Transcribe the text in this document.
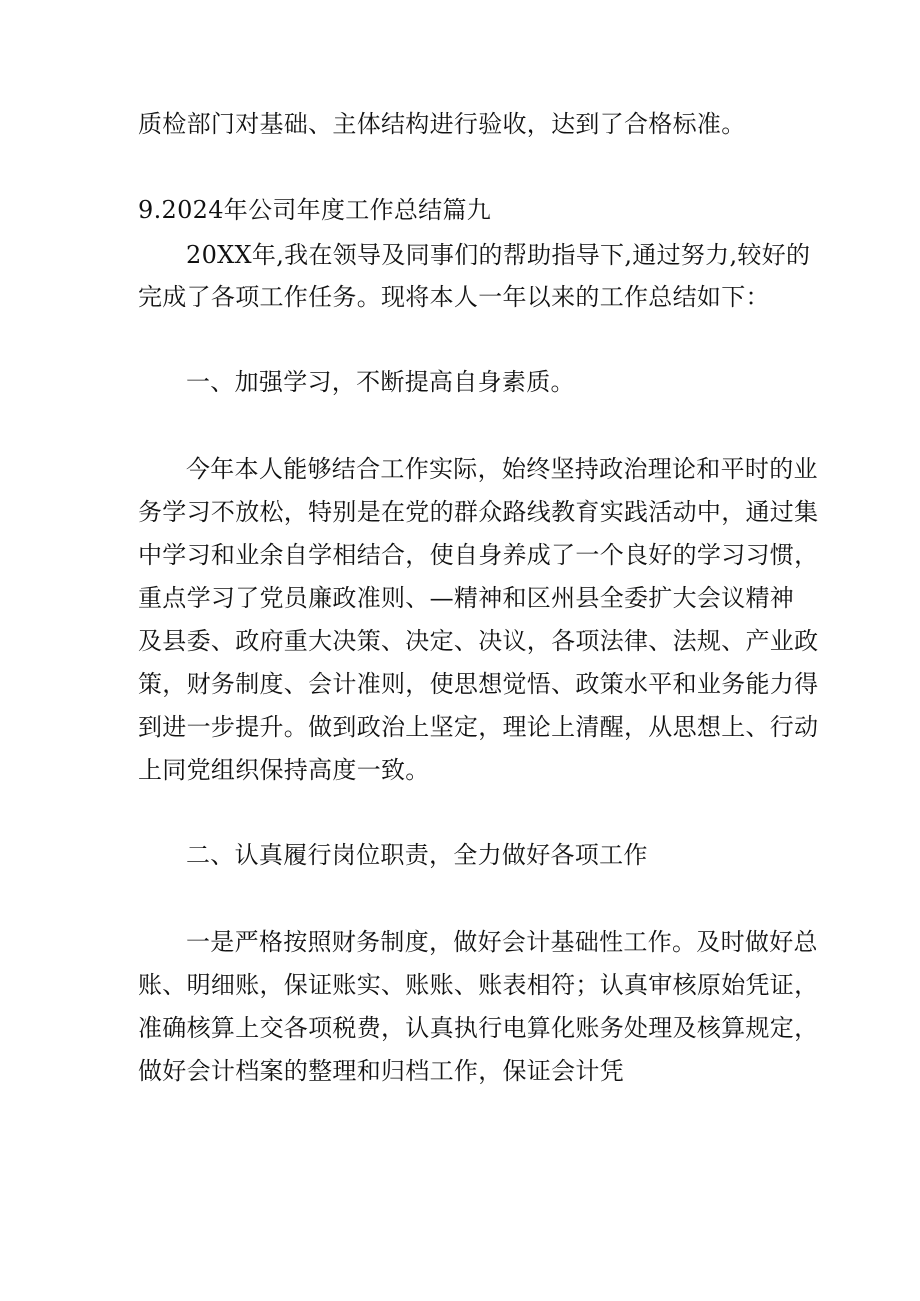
质检部门对基础、主体结构进行验收，达到了合格标准。
9.2024年公司年度工作总结篇九
20XX年,我在领导及同事们的帮助指导下,通过努力,较好的
完成了各项工作任务。现将本人一年以来的工作总结如下：
一、加强学习，不断提高自身素质。
今年本人能够结合工作实际，始终坚持政治理论和平时的业
务学习不放松，特别是在党的群众路线教育实践活动中，通过集
中学习和业余自学相结合，使自身养成了一个良好的学习习惯，
重点学习了党员廉政准则、—精神和区州县全委扩大会议精神
及县委、政府重大决策、决定、决议，各项法律、法规、产业政
策，财务制度、会计准则，使思想觉悟、政策水平和业务能力得
到进一步提升。做到政治上坚定，理论上清醒，从思想上、行动
上同党组织保持高度一致。
二、认真履行岗位职责，全力做好各项工作
一是严格按照财务制度，做好会计基础性工作。及时做好总
账、明细账，保证账实、账账、账表相符；认真审核原始凭证，
准确核算上交各项税费，认真执行电算化账务处理及核算规定，
做好会计档案的整理和归档工作，保证会计凭
